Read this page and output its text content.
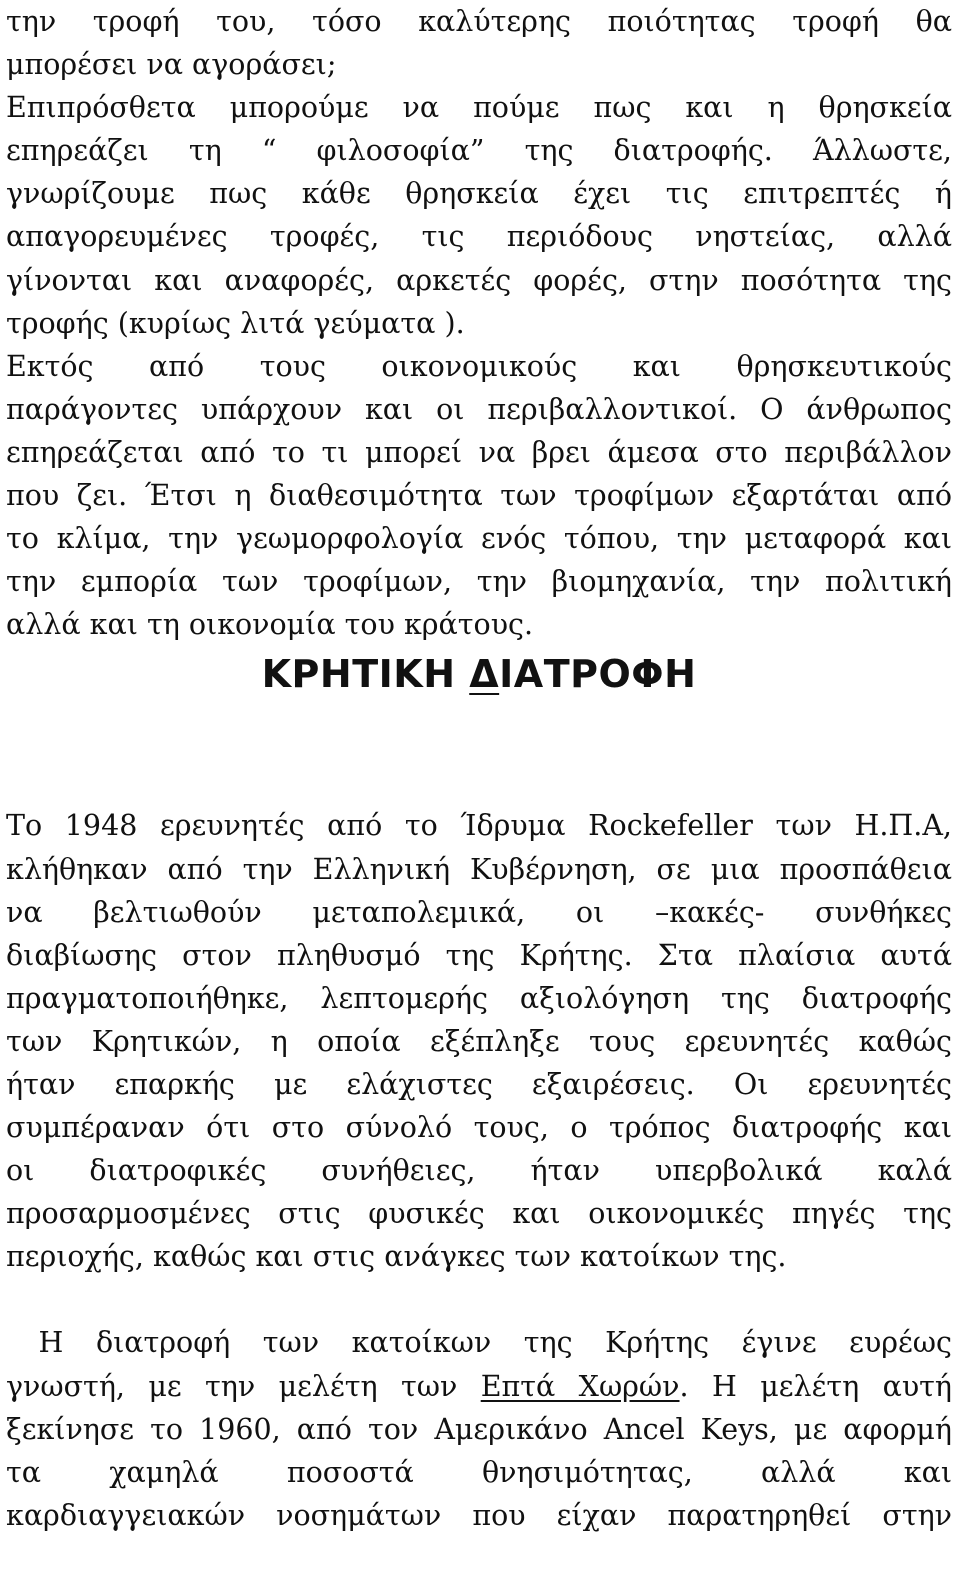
την τροφή του, τόσο καλύτερης ποιότητας τροφή θα
μπορέσει να αγοράσει;
Επιπρόσθετα μπορούμε να πούμε πως και η θρησκεία
επηρεάζει τη “ φιλοσοφία” της διατροφής. Άλλωστε,
γνωρίζουμε πως κάθε θρησκεία έχει τις επιτρεπτές ή
απαγορευμένες τροφές, τις περιόδους νηστείας, αλλά
γίνονται και αναφορές, αρκετές φορές, στην ποσότητα της
τροφής (κυρίως λιτά γεύματα ).
Εκτός από τους οικονομικούς και θρησκευτικούς
παράγοντες υπάρχουν και οι περιβαλλοντικοί. Ο άνθρωπος
επηρεάζεται από το τι μπορεί να βρει άμεσα στο περιβάλλον
που ζει. Έτσι η διαθεσιμότητα των τροφίμων εξαρτάται από
το κλίμα, την γεωμορφολογία ενός τόπου, την μεταφορά και
την εμπορία των τροφίμων, την βιομηχανία, την πολιτική
αλλά και τη οικονομία του κράτους.
ΚΡΗΤΙΚΗ ΔΙΑΤΡΟΦΗ
Το 1948 ερευνητές από το Ίδρυμα Rockefeller των Η.Π.Α,
κλήθηκαν από την Ελληνική Κυβέρνηση, σε μια προσπάθεια
να βελτιωθούν μεταπολεμικά, οι –κακές- συνθήκες
διαβίωσης στον πληθυσμό της Κρήτης. Στα πλαίσια αυτά
πραγματοποιήθηκε, λεπτομερής αξιολόγηση της διατροφής
των Κρητικών, η οποία εξέπληξε τους ερευνητές καθώς
ήταν επαρκής με ελάχιστες εξαιρέσεις. Οι ερευνητές
συμπέραναν ότι στο σύνολό τους, ο τρόπος διατροφής και
οι διατροφικές συνήθειες, ήταν υπερβολικά καλά
προσαρμοσμένες στις φυσικές και οικονομικές πηγές της
περιοχής, καθώς και στις ανάγκες των κατοίκων της.
Η διατροφή των κατοίκων της Κρήτης έγινε ευρέως
γνωστή, με την μελέτη των Επτά Χωρών. Η μελέτη αυτή
ξεκίνησε το 1960, από τον Αμερικάνο Ancel Keys, με αφορμή
τα χαμηλά ποσοστά θνησιμότητας, αλλά και
καρδιαγγειακών νοσημάτων που είχαν παρατηρηθεί στην
